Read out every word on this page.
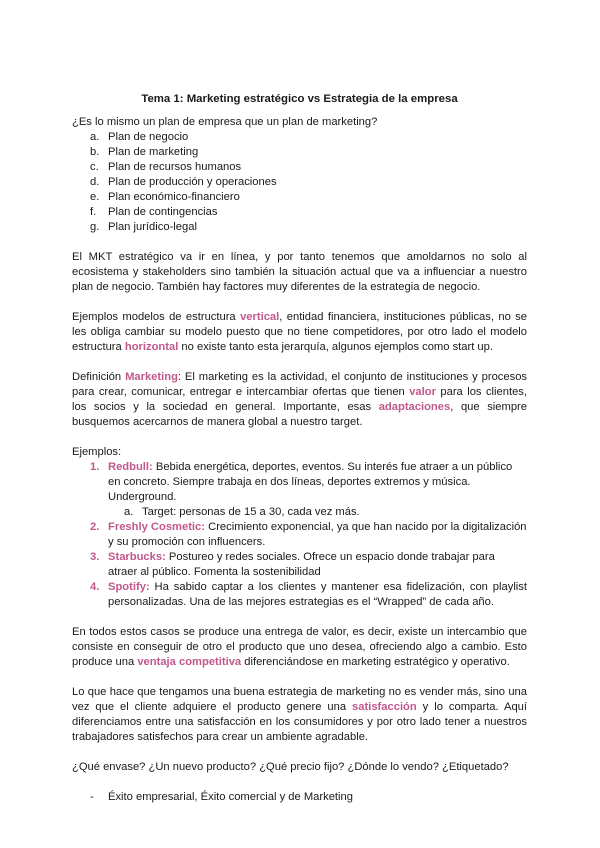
Tema 1: Marketing estratégico vs Estrategia de la empresa

¿Es lo mismo un plan de empresa que un plan de marketing?

a. Plan de negocio
b. Plan de marketing
c. Plan de recursos humanos
d. Plan de producción y operaciones
e. Plan económico-financiero
f. Plan de contingencias
g. Plan jurídico-legal

El MKT estratégico va ir en línea, y por tanto tenemos que amoldarnos no solo al ecosistema y stakeholders sino también la situación actual que va a influenciar a nuestro plan de negocio. También hay factores muy diferentes de la estrategia de negocio.

Ejemplos modelos de estructura vertical, entidad financiera, instituciones públicas, no se les obliga cambiar su modelo puesto que no tiene competidores, por otro lado el modelo estructura horizontal no existe tanto esta jerarquía, algunos ejemplos como start up.

Definición Marketing: El marketing es la actividad, el conjunto de instituciones y procesos para crear, comunicar, entregar e intercambiar ofertas que tienen valor para los clientes, los socios y la sociedad en general. Importante, esas adaptaciones, que siempre busquemos acercarnos de manera global a nuestro target.

Ejemplos:

1. Redbull: Bebida energética, deportes, eventos. Su interés fue atraer a un público en concreto. Siempre trabaja en dos líneas, deportes extremos y música. Underground.
a. Target: personas de 15 a 30, cada vez más.
2. Freshly Cosmetic: Crecimiento exponencial, ya que han nacido por la digitalización y su promoción con influencers.
3. Starbucks: Postureo y redes sociales. Ofrece un espacio donde trabajar para atraer al público. Fomenta la sostenibilidad
4. Spotify: Ha sabido captar a los clientes y mantener esa fidelización, con playlist personalizadas. Una de las mejores estrategias es el “Wrapped” de cada año.

En todos estos casos se produce una entrega de valor, es decir, existe un intercambio que consiste en conseguir de otro el producto que uno desea, ofreciendo algo a cambio. Esto produce una ventaja competitiva diferenciándose en marketing estratégico y operativo.

Lo que hace que tengamos una buena estrategia de marketing no es vender más, sino una vez que el cliente adquiere el producto genere una satisfacción y lo comparta. Aquí diferenciamos entre una satisfacción en los consumidores y por otro lado tener a nuestros trabajadores satisfechos para crear un ambiente agradable.

¿Qué envase? ¿Un nuevo producto? ¿Qué precio fijo? ¿Dónde lo vendo? ¿Etiquetado?

- Éxito empresarial, Éxito comercial y de Marketing
